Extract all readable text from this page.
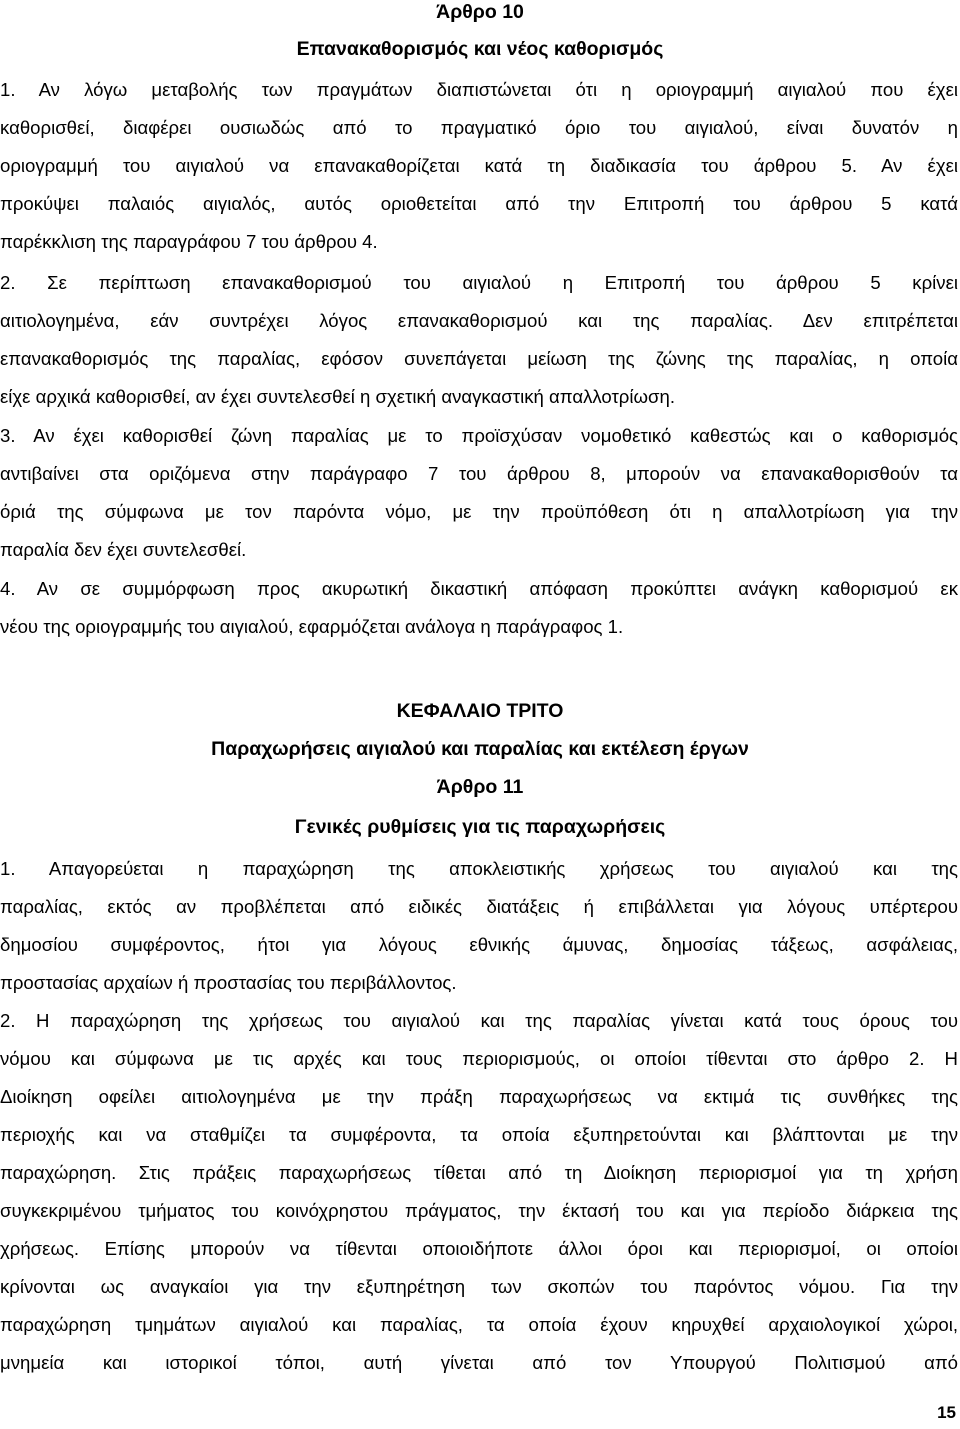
Άρθρο 10
Επανακαθορισμός και νέος καθορισμός
1. Αν λόγω μεταβολής των πραγμάτων διαπιστώνεται ότι η οριογραμμή αιγιαλού που έχει
καθορισθεί, διαφέρει ουσιωδώς από το πραγματικό όριο του αιγιαλού, είναι δυνατόν η
οριογραμμή του αιγιαλού να επανακαθορίζεται κατά τη διαδικασία του άρθρου 5. Αν έχει
προκύψει παλαιός αιγιαλός, αυτός οριοθετείται από την Επιτροπή του άρθρου 5 κατά
παρέκκλιση της παραγράφου 7 του άρθρου 4.
2. Σε περίπτωση επανακαθορισμού του αιγιαλού η Επιτροπή του άρθρου 5 κρίνει
αιτιολογημένα, εάν συντρέχει λόγος επανακαθορισμού και της παραλίας. Δεν επιτρέπεται
επανακαθορισμός της παραλίας, εφόσον συνεπάγεται μείωση της ζώνης της παραλίας, η οποία
είχε αρχικά καθορισθεί, αν έχει συντελεσθεί η σχετική αναγκαστική απαλλοτρίωση.
3. Αν έχει καθορισθεί ζώνη παραλίας με το προϊσχύσαν νομοθετικό καθεστώς και ο καθορισμός
αντιβαίνει στα οριζόμενα στην παράγραφο 7 του άρθρου 8, μπορούν να επανακαθορισθούν τα
όριά της σύμφωνα με τον παρόντα νόμο, με την προϋπόθεση ότι η απαλλοτρίωση για την
παραλία δεν έχει συντελεσθεί.
4. Αν σε συμμόρφωση προς ακυρωτική δικαστική απόφαση προκύπτει ανάγκη καθορισμού εκ
νέου της οριογραμμής του αιγιαλού, εφαρμόζεται ανάλογα η παράγραφος 1.
ΚΕΦΑΛΑΙΟ ΤΡΙΤΟ
Παραχωρήσεις αιγιαλού και παραλίας και εκτέλεση έργων
Άρθρο 11
Γενικές ρυθμίσεις για τις παραχωρήσεις
1. Απαγορεύεται η παραχώρηση της αποκλειστικής χρήσεως του αιγιαλού και της
παραλίας, εκτός αν προβλέπεται από ειδικές διατάξεις ή επιβάλλεται για λόγους υπέρτερου
δημοσίου συμφέροντος, ήτοι για λόγους εθνικής άμυνας, δημοσίας τάξεως, ασφάλειας,
προστασίας αρχαίων ή προστασίας του περιβάλλοντος.
2. Η παραχώρηση της χρήσεως του αιγιαλού και της παραλίας γίνεται κατά τους όρους του
νόμου και σύμφωνα με τις αρχές και τους περιορισμούς, οι οποίοι τίθενται στο άρθρο 2. Η
Διοίκηση οφείλει αιτιολογημένα με την πράξη παραχωρήσεως να εκτιμά τις συνθήκες της
περιοχής και να σταθμίζει τα συμφέροντα, τα οποία εξυπηρετούνται και βλάπτονται με την
παραχώρηση. Στις πράξεις παραχωρήσεως τίθεται από τη Διοίκηση περιορισμοί για τη χρήση
συγκεκριμένου τμήματος του κοινόχρηστου πράγματος, την έκτασή του και για περίοδο διάρκεια της
χρήσεως. Επίσης μπορούν να τίθενται οποιοιδήποτε άλλοι όροι και περιορισμοί, οι οποίοι
κρίνονται ως αναγκαίοι για την εξυπηρέτηση των σκοπών του παρόντος νόμου. Για την
παραχώρηση τμημάτων αιγιαλού και παραλίας, τα οποία έχουν κηρυχθεί αρχαιολογικοί χώροι,
μνημεία και ιστορικοί τόποι, αυτή γίνεται από τον Υπουργού Πολιτισμού από
15
